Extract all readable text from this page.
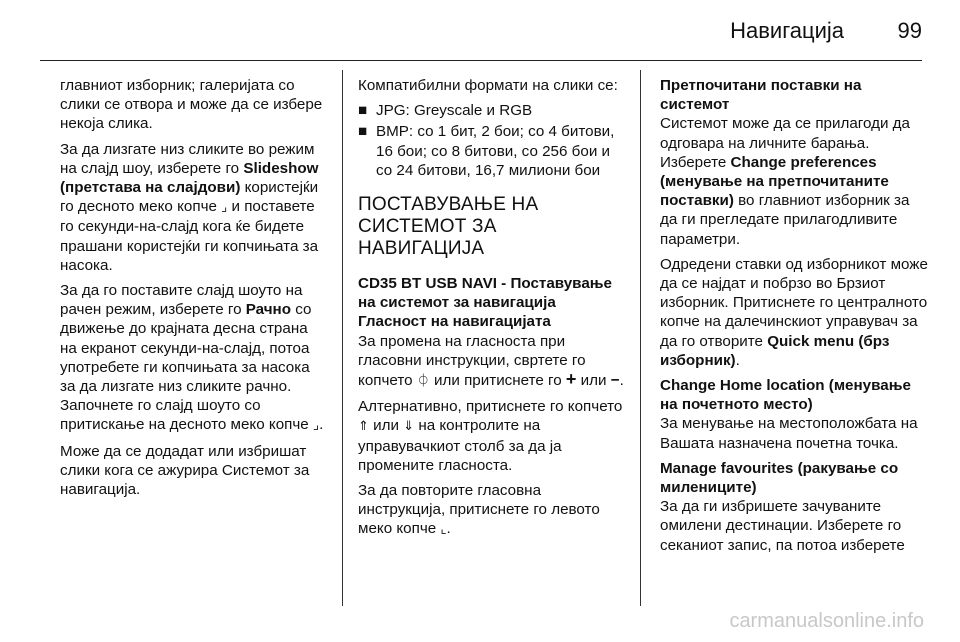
Навигација 99

главниот изборник; галеријата со слики се отвора и може да се избере некоја слика.

За да лизгате низ сликите во режим на слајд шоу, изберете го Slideshow (претстава на слајдови) користејќи го десното меко копче ⌟ и поставете го секунди-на-слајд кога ќе бидете прашани користејќи ги копчињата за насока.

За да го поставите слајд шоуто на рачен режим, изберете го Рачно со движење до крајната десна страна на екранот секунди-на-слајд, потоа употребете ги копчињата за насока за да лизгате низ сликите рачно. Започнете го слајд шоуто со притискање на десното меко копче ⌟.

Може да се додадат или избришат слики кога се ажурира Системот за навигација.

Компатибилни формати на слики се:

■ JPG: Greyscale и RGB
■ BMP: со 1 бит, 2 бои; со 4 битови, 16 бои; со 8 битови, со 256 бои и со 24 битови, 16,7 милиони бои
ПОСТАВУВАЊЕ НА СИСТЕМОТ ЗА НАВИГАЦИЈА

CD35 BT USB NAVI - Поставување на системот за навигација

Гласност на навигацијата

За промена на гласноста при гласовни инструкции, свртете го копчето ⏀ или притиснете го + или −.

Алтернативно, притиснете го копчето ⇑ или ⇓ на контролите на управувачкиот столб за да ја промените гласноста.

За да повторите гласовна инструкција, притиснете го левото меко копче ⌞.

Претпочитани поставки на системот

Системот може да се прилагоди да одговара на личните барања. Изберете Change preferences (менување на претпочитаните поставки) во главниот изборник за да ги прегледате прилагодливите параметри.

Одредени ставки од изборникот може да се најдат и побрзо во Брзиот изборник. Притиснете го централното копче на далечинскиот управувач за да го отворите Quick menu (брз изборник).

Change Home location (менување на почетното место)

За менување на местоположбата на Вашата назначена почетна точка.

Manage favourites (ракување со милениците)

За да ги избришете зачуваните омилени дестинации. Изберете го секаниот запис, па потоа изберете

carmanualsonline.info
